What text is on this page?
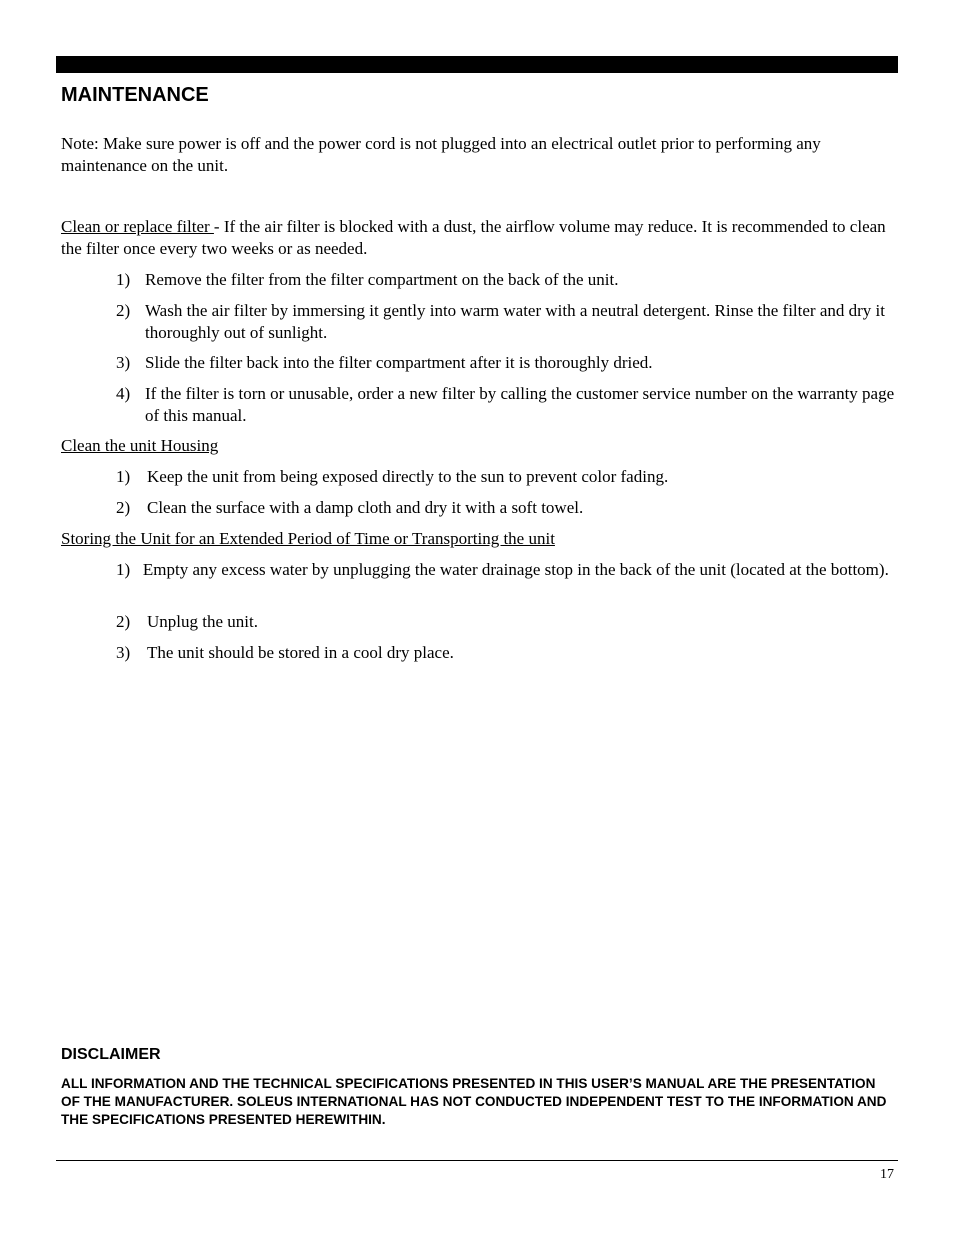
MAINTENANCE

Note: Make sure power is off and the power cord is not plugged into an electrical outlet prior to performing any maintenance on the unit.

Clean or replace filter - If the air filter is blocked with a dust, the airflow volume may reduce. It is recommended to clean the filter once every two weeks or as needed.

1) Remove the filter from the filter compartment on the back of the unit.
2) Wash the air filter by immersing it gently into warm water with a neutral detergent. Rinse the filter and dry it thoroughly out of sunlight.
3) Slide the filter back into the filter compartment after it is thoroughly dried.
4) If the filter is torn or unusable, order a new filter by calling the customer service number on the warranty page of this manual.

Clean the unit Housing

1) Keep the unit from being exposed directly to the sun to prevent color fading.
2) Clean the surface with a damp cloth and dry it with a soft towel.

Storing the Unit for an Extended Period of Time or Transporting the unit

1) Empty any excess water by unplugging the water drainage stop in the back of the unit (located at the bottom).

2) Unplug the unit.
3) The unit should be stored in a cool dry place.
DISCLAIMER

ALL INFORMATION AND THE TECHNICAL SPECIFICATIONS PRESENTED IN THIS USER’S MANUAL ARE THE PRESENTATION OF THE MANUFACTURER. SOLEUS INTERNATIONAL HAS NOT CONDUCTED INDEPENDENT TEST TO THE INFORMATION AND THE SPECIFICATIONS PRESENTED HEREWITHIN.

17
